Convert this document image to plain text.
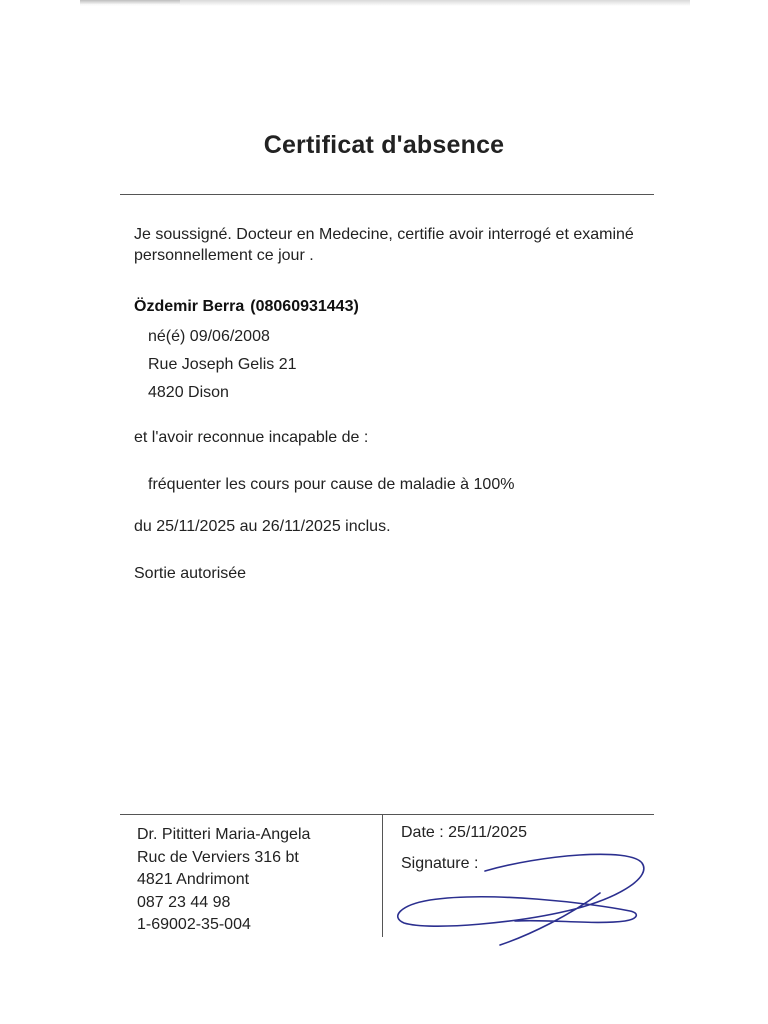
Certificat d'absence

Je soussigné. Docteur en Medecine, certifie avoir interrogé et examiné personnellement ce jour .

Özdemir Berra (08060931443)

né(é) 09/06/2008

Rue Joseph Gelis 21

4820 Dison

et l'avoir reconnue incapable de :

fréquenter les cours pour cause de maladie à 100%

du 25/11/2025 au 26/11/2025 inclus.

Sortie autorisée

Dr. Pititteri Maria-Angela
Ruc de Verviers 316 bt
4821 Andrimont
087 23 44 98
1-69002-35-004

Date : 25/11/2025

Signature :
